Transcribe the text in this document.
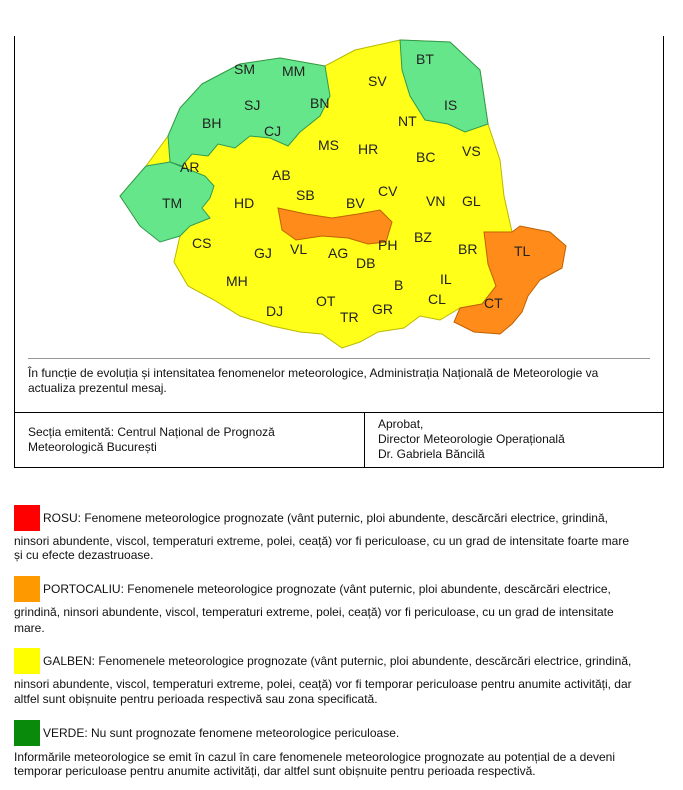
SM MM
BT
SV
IS
SJ	BN
BH	CJ
NT
MS HR	BC VS
AR	AB
CV
TM	HD	SB BV	VN GL
CS
GJ VL AG PH BZ
BR	TL
DB
MH	IL
B
DJ
OT	CL	CT
TR GR
În funcție de evoluția și intensitatea fenomenelor meteorologice, Administrația Națională de Meteorologie va actualiza prezentul mesaj.
Secția emitentă: Centrul Național de Prognoză
Meteorologică București
Aprobat,
Director Meteorologie Operațională
Dr. Gabriela Băncilă
ROSU: Fenomene meteorologice prognozate (vânt puternic, ploi abundente, descărcări electrice, grindină,
ninsori abundente, viscol, temperaturi extreme, polei, ceață) vor fi periculoase, cu un grad de intensitate foarte mare
și cu efecte dezastruoase.
PORTOCALIU: Fenomenele meteorologice prognozate (vânt puternic, ploi abundente, descărcări electrice,
grindină, ninsori abundente, viscol, temperaturi extreme, polei, ceață) vor fi periculoase, cu un grad de intensitate
mare.
GALBEN: Fenomenele meteorologice prognozate (vânt puternic, ploi abundente, descărcări electrice, grindină,
ninsori abundente, viscol, temperaturi extreme, polei, ceață) vor fi temporar periculoase pentru anumite activități, dar
altfel sunt obișnuite pentru perioada respectivă sau zona specificată.
VERDE: Nu sunt prognozate fenomene meteorologice periculoase.
Informările meteorologice se emit în cazul în care fenomenele meteorologice prognozate au potențial de a deveni
temporar periculoase pentru anumite activități, dar altfel sunt obișnuite pentru perioada respectivă.
